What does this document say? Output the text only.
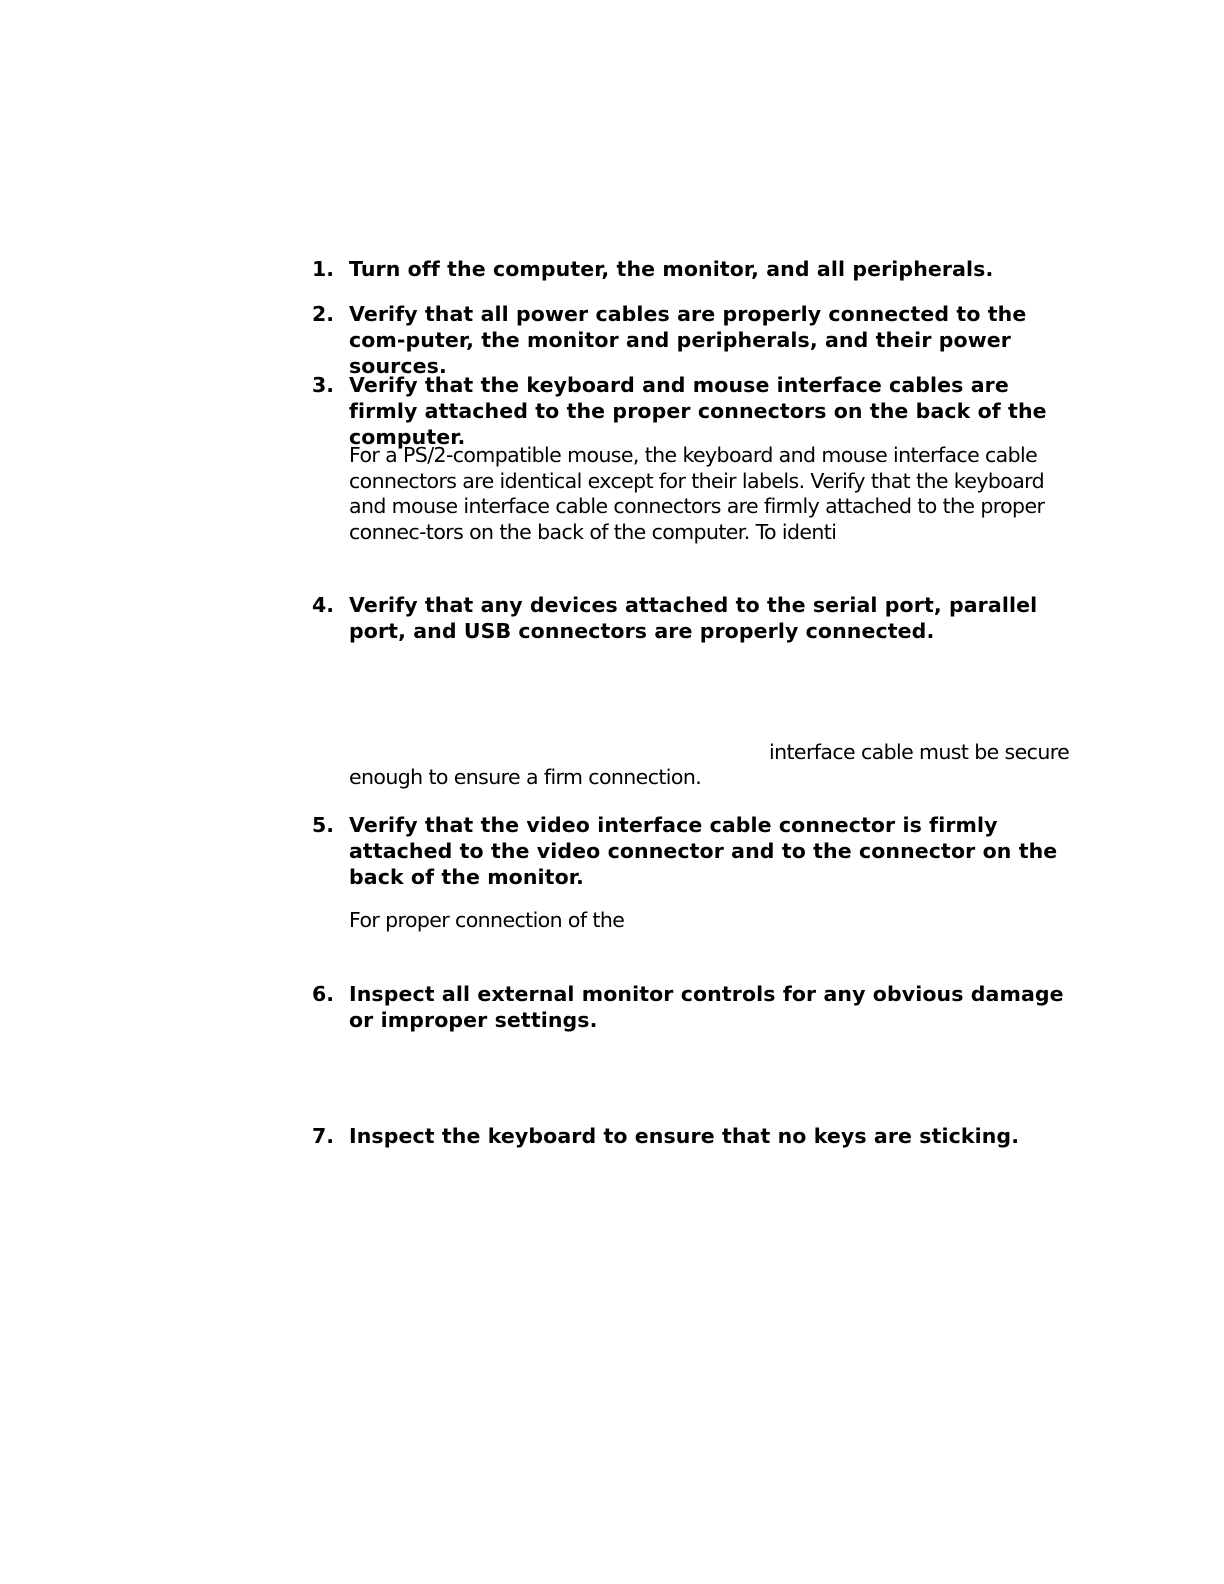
1. Turn off the computer, the monitor, and all peripherals.
2. Verify that all power cables are properly connected to the com-puter, the monitor and peripherals, and their power sources.
3. Verify that the keyboard and mouse interface cables are firmly attached to the proper connectors on the back of the computer.
For a PS/2-compatible mouse, the keyboard and mouse interface cable connectors are identical except for their labels. Verify that the keyboard and mouse interface cable connectors are firmly attached to the proper connec-tors on the back of the computer. To identi
4. Verify that any devices attached to the serial port, parallel port, and USB connectors are properly connected.
interface cable must be secure
enough to ensure a firm connection.
5. Verify that the video interface cable connector is firmly attached to the video connector and to the connector on the back of the monitor.
For proper connection of the
6. Inspect all external monitor controls for any obvious damage or improper settings.
7. Inspect the keyboard to ensure that no keys are sticking.
